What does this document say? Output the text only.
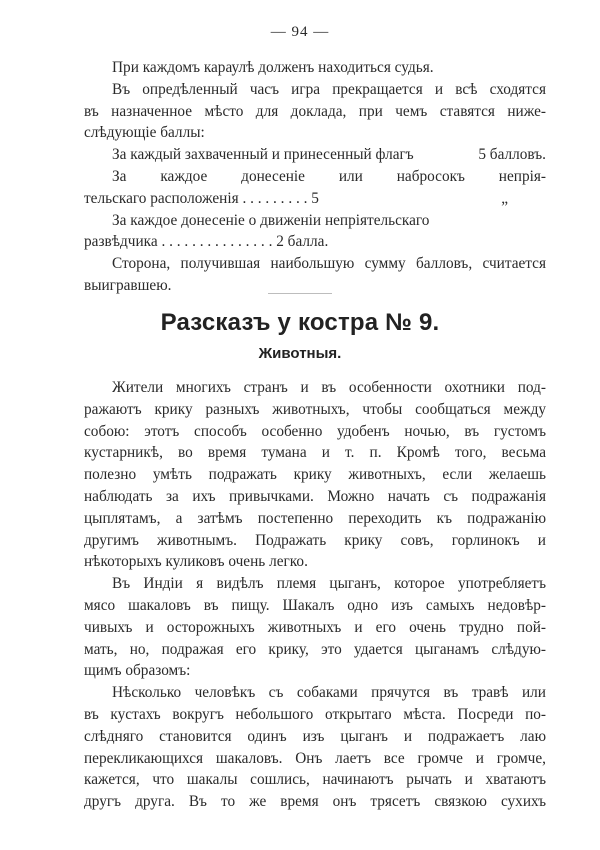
— 94 —
При каждомъ караулѣ долженъ находиться судья.
Въ опредѣленный часъ игра прекращается и всѣ сходятся
въ назначенное мѣсто для доклада, при чемъ ставятся ниже-
слѣдующіе баллы:
За каждый захваченный и принесенный флагъ	5 балловъ.
За каждое донесеніе или набросокъ непрія-
тельскаго расположенія . . . . . . . . . 5	„
За каждое донесеніе о движеніи непріятельскаго
развѣдчика . . . . . . . . . . . . . . . 2 балла.
Сторона, получившая наибольшую сумму балловъ, считается
выигравшею.
Разсказъ у костра № 9.
Животныя.
Жители многихъ странъ и въ особенности охотники под-
ражаютъ крику разныхъ животныхъ, чтобы сообщаться между
собою: этотъ способъ особенно удобенъ ночью, въ густомъ
кустарникѣ, во время тумана и т. п. Кромѣ того, весьма
полезно умѣть подражать крику животныхъ, если желаешь
наблюдать за ихъ привычками. Можно начать съ подражанія
цыплятамъ, а затѣмъ постепенно переходить къ подражанію
другимъ животнымъ. Подражать крику совъ, горлинокъ и
нѣкоторыхъ куликовъ очень легко.
Въ Индіи я видѣлъ племя цыганъ, которое употребляетъ
мясо шакаловъ въ пищу. Шакалъ одно изъ самыхъ недовѣр-
чивыхъ и осторожныхъ животныхъ и его очень трудно пой-
мать, но, подражая его крику, это удается цыганамъ слѣдую-
щимъ образомъ:
Нѣсколько человѣкъ съ собаками прячутся въ травѣ или
въ кустахъ вокругъ небольшого открытаго мѣста. Посреди по-
слѣдняго становится одинъ изъ цыганъ и подражаетъ лаю
перекликающихся шакаловъ. Онъ лаетъ все громче и громче,
кажется, что шакалы сошлись, начинаютъ рычать и хватаютъ
другъ друга. Въ то же время онъ трясетъ связкою сухихъ
